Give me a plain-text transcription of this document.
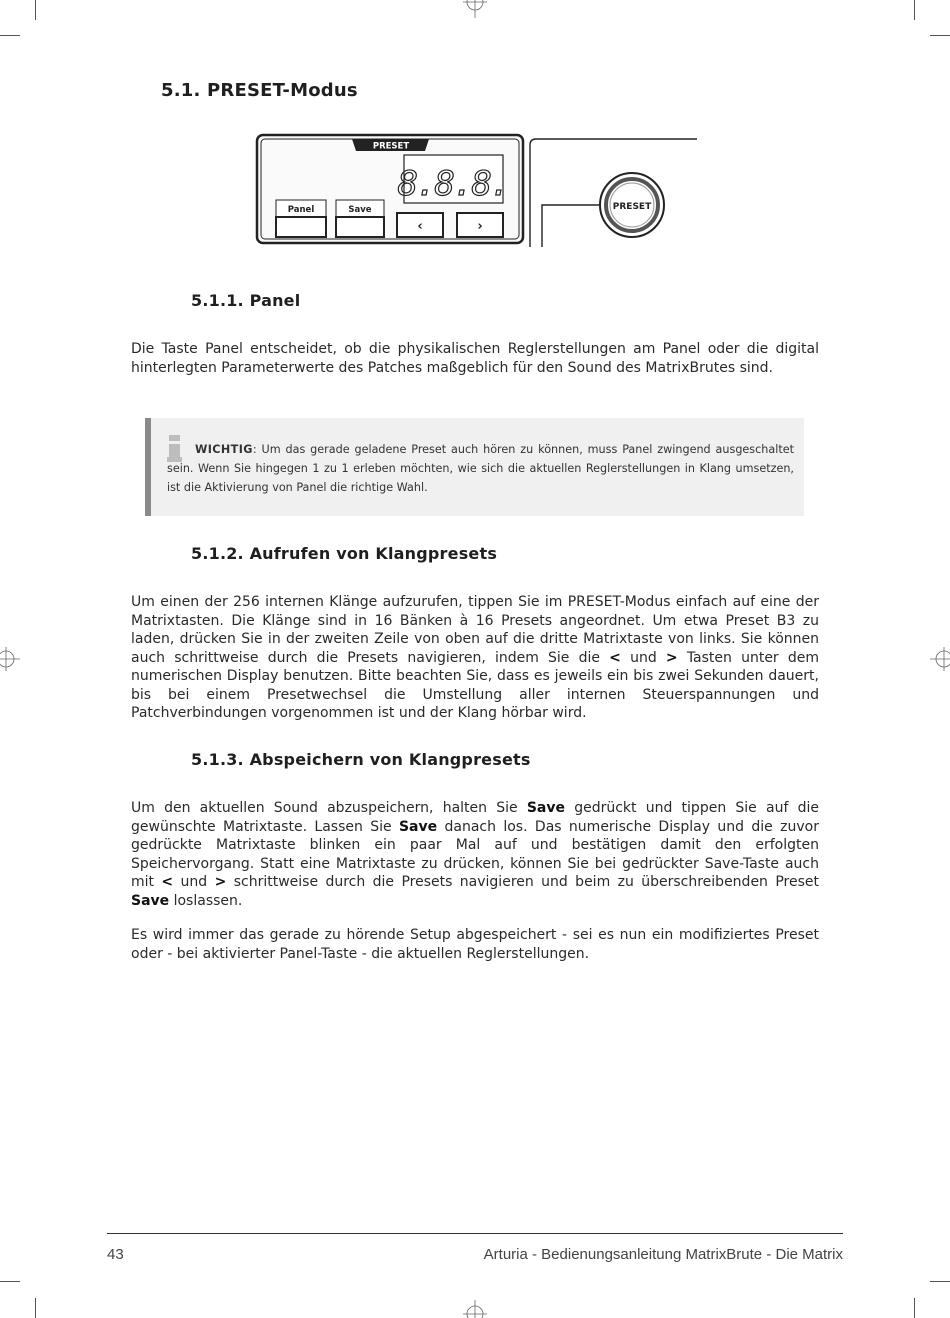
5.1. PRESET-Modus
PRESET
8.8.8.
Panel	Save
‹	›
PRESET
5.1.1. Panel
Die Taste Panel entscheidet, ob die physikalischen Reglerstellungen am Panel oder die digital hinterlegten Parameterwerte des Patches maßgeblich für den Sound des MatrixBrutes sind.
WICHTIG: Um das gerade geladene Preset auch hören zu können, muss Panel zwingend ausgeschaltet sein. Wenn Sie hingegen 1 zu 1 erleben möchten, wie sich die aktuellen Reglerstellungen in Klang umsetzen, ist die Aktivierung von Panel die richtige Wahl.
5.1.2. Aufrufen von Klangpresets
Um einen der 256 internen Klänge aufzurufen, tippen Sie im PRESET-Modus einfach auf eine der Matrixtasten. Die Klänge sind in 16 Bänken à 16 Presets angeordnet. Um etwa Preset B3 zu laden, drücken Sie in der zweiten Zeile von oben auf die dritte Matrixtaste von links. Sie können auch schrittweise durch die Presets navigieren, indem Sie die < und > Tasten unter dem numerischen Display benutzen. Bitte beachten Sie, dass es jeweils ein bis zwei Sekunden dauert, bis bei einem Presetwechsel die Umstellung aller internen Steuerspannungen und Patchverbindungen vorgenommen ist und der Klang hörbar wird.
5.1.3. Abspeichern von Klangpresets
Um den aktuellen Sound abzuspeichern, halten Sie Save gedrückt und tippen Sie auf die gewünschte Matrixtaste. Lassen Sie Save danach los. Das numerische Display und die zuvor gedrückte Matrixtaste blinken ein paar Mal auf und bestätigen damit den erfolgten Speichervorgang. Statt eine Matrixtaste zu drücken, können Sie bei gedrückter Save-Taste auch mit < und > schrittweise durch die Presets navigieren und beim zu überschreibenden Preset Save loslassen.
Es wird immer das gerade zu hörende Setup abgespeichert - sei es nun ein modifiziertes Preset oder - bei aktivierter Panel-Taste - die aktuellen Reglerstellungen.
43	Arturia - Bedienungsanleitung MatrixBrute - Die Matrix
